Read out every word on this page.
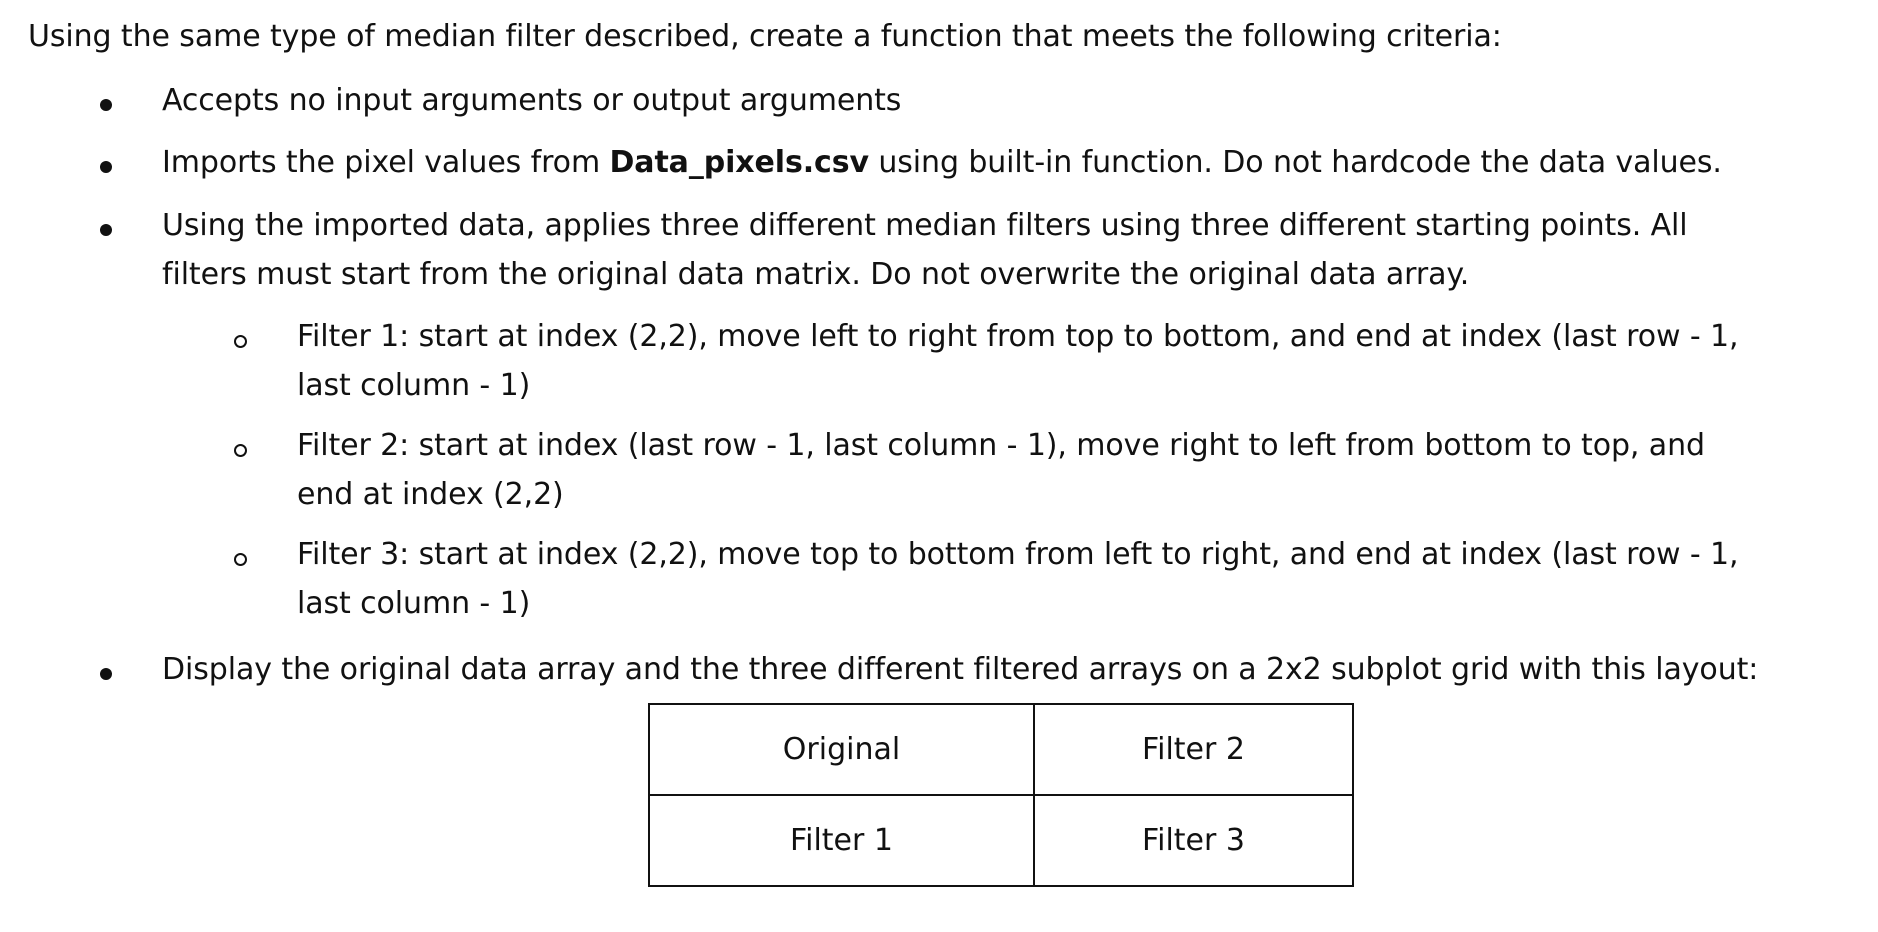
Using the same type of median filter described, create a function that meets the following criteria:
Accepts no input arguments or output arguments
Imports the pixel values from Data_pixels.csv using built-in function. Do not hardcode the data values.
Using the imported data, applies three different median filters using three different starting points. All
filters must start from the original data matrix. Do not overwrite the original data array.
Filter 1: start at index (2,2), move left to right from top to bottom, and end at index (last row - 1,
last column - 1)
Filter 2: start at index (last row - 1, last column - 1), move right to left from bottom to top, and
end at index (2,2)
Filter 3: start at index (2,2), move top to bottom from left to right, and end at index (last row - 1,
last column - 1)
Display the original data array and the three different filtered arrays on a 2x2 subplot grid with this layout:
Original	Filter 2
Filter 1	Filter 3
